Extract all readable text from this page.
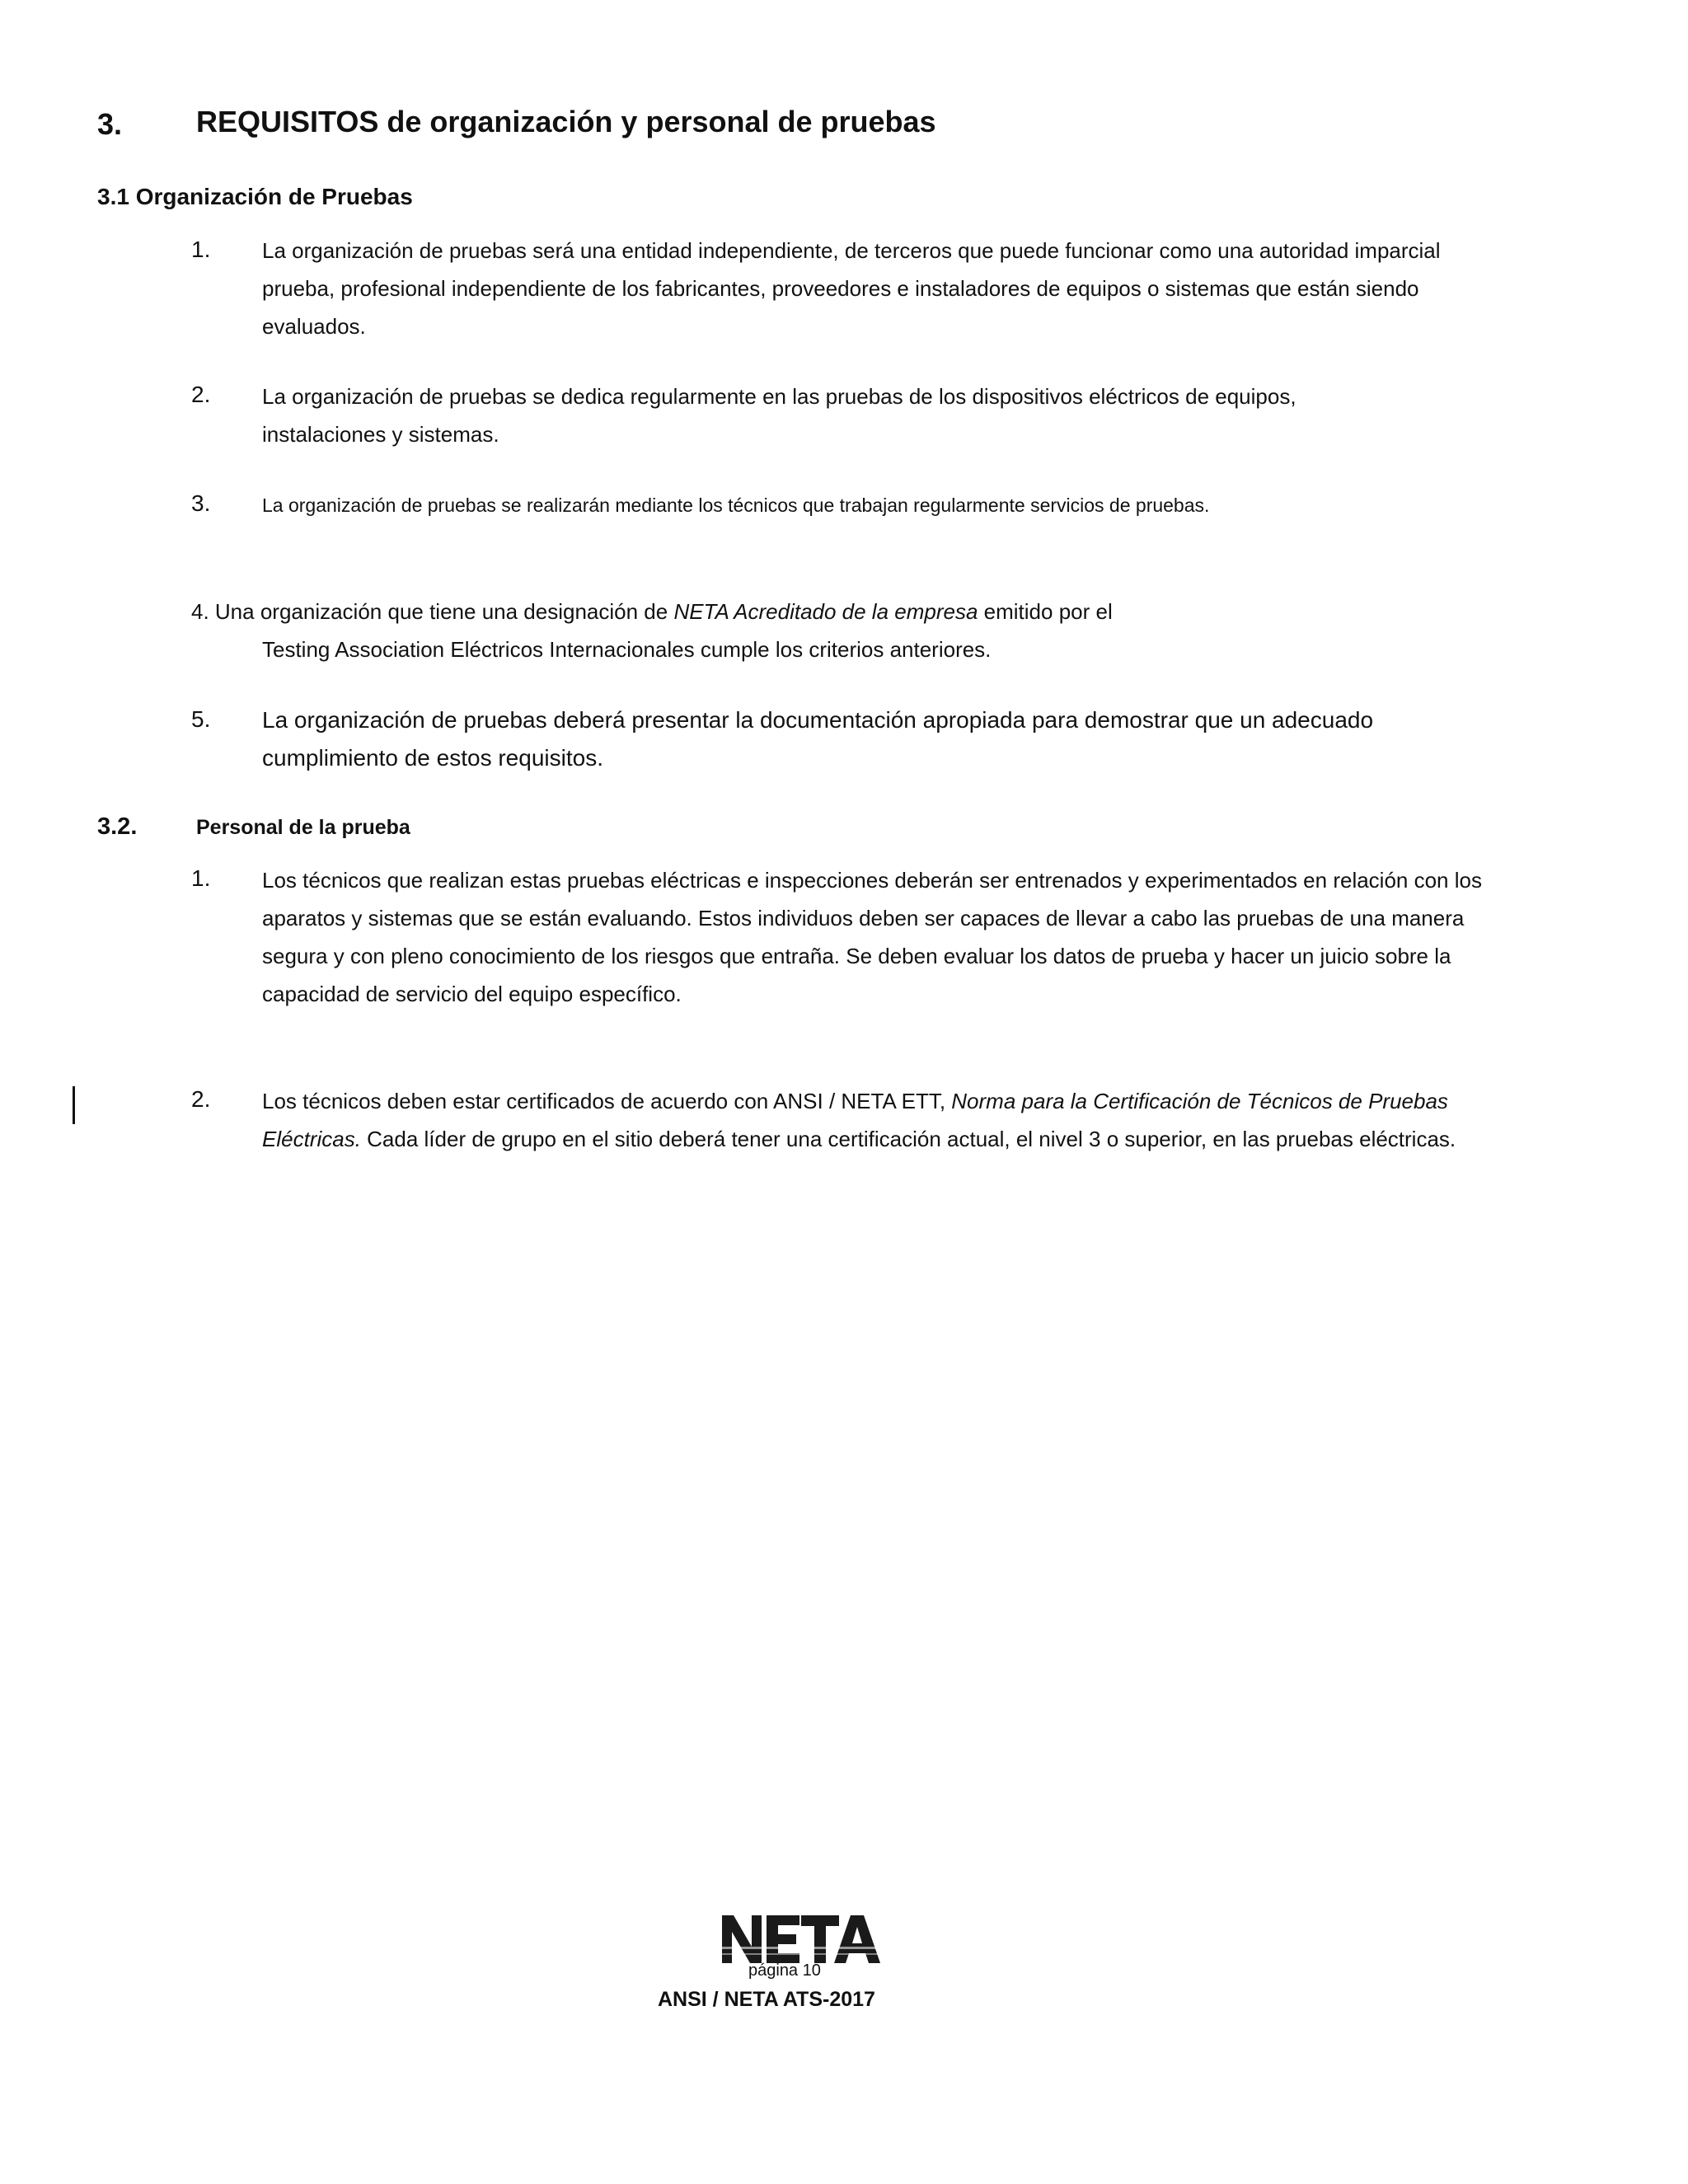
3. REQUISITOS de organización y personal de pruebas
3.1 Organización de Pruebas
1. La organización de pruebas será una entidad independiente, de terceros que puede funcionar como una autoridad imparcial
prueba, profesional independiente de los fabricantes, proveedores e instaladores de equipos o sistemas que están siendo
evaluados.
2. La organización de pruebas se dedica regularmente en las pruebas de los dispositivos eléctricos de equipos,
instalaciones y sistemas.
3.	La organización de pruebas se realizarán mediante los técnicos que trabajan regularmente servicios de pruebas.
4. Una organización que tiene una designación de NETA Acreditado de la empresa emitido por el
Testing Association Eléctricos Internacionales cumple los criterios anteriores.
5. La organización de pruebas deberá presentar la documentación apropiada para demostrar que un adecuado
cumplimiento de estos requisitos.
3.2.	Personal de la prueba
1. Los técnicos que realizan estas pruebas eléctricas e inspecciones deberán ser entrenados y experimentados en relación con los
aparatos y sistemas que se están evaluando. Estos individuos deben ser capaces de llevar a cabo las pruebas de una manera
segura y con pleno conocimiento de los riesgos que entraña. Se deben evaluar los datos de prueba y hacer un juicio sobre la
capacidad de servicio del equipo específico.
2. Los técnicos deben estar certificados de acuerdo con ANSI / NETA ETT, Norma para la Certificación de Técnicos de Pruebas
Eléctricas. Cada líder de grupo en el sitio deberá tener una certificación actual, el nivel 3 o superior, en las pruebas eléctricas.
página 10
ANSI / NETA ATS-2017
